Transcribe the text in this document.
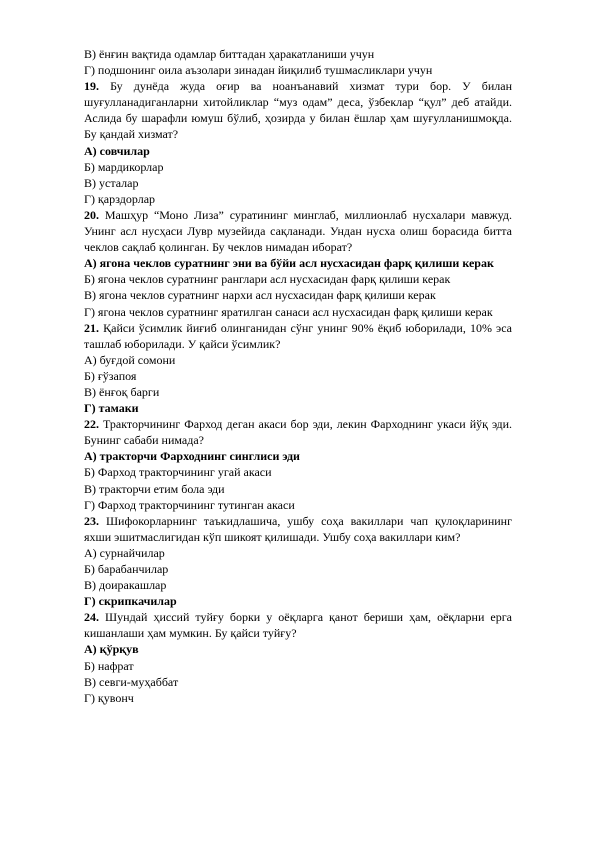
В) ёнғин вақтида одамлар биттадан ҳаракатланиши учун
Г) подшонинг оила аъзолари зинадан йиқилиб тушмасликлари учун
19. Бу дунёда жуда оғир ва ноанъанавий хизмат тури бор. У билан шуғулланадиганларни хитойликлар “муз одам” деса, ўзбеклар “қул” деб атайди. Аслида бу шарафли юмуш бўлиб, ҳозирда у билан ёшлар ҳам шуғулланишмоқда. Бу қандай хизмат?
А) совчилар
Б) мардикорлар
В) усталар
Г) қарздорлар
20. Машҳур “Моно Лиза” суратининг минглаб, миллионлаб нусхалари мавжуд. Унинг асл нусҳаси Лувр музейида сақланади. Ундан нусха олиш борасида битта чеклов сақлаб қолинган. Бу чеклов нимадан иборат?
А) ягона чеклов суратнинг эни ва бўйи асл нусхасидан фарқ қилиши керак
Б) ягона чеклов суратнинг ранглари асл нусхасидан фарқ қилиши керак
В) ягона чеклов суратнинг нархи асл нусхасидан фарқ қилиши керак
Г) ягона чеклов суратнинг яратилган санаси асл нусхасидан фарқ қилиши керак
21. Қайси ўсимлик йиғиб олинганидан сўнг унинг 90% ёқиб юборилади, 10% эса ташлаб юборилади. У қайси ўсимлик?
А) буғдой сомони
Б) ғўзапоя
В) ёнғоқ барги
Г) тамаки
22. Тракторчининг Фарход деган акаси бор эди, лекин Фарходнинг укаси йўқ эди. Бунинг сабаби нимада?
А) тракторчи Фарходнинг синглиси эди
Б) Фарход тракторчининг угай акаси
В) тракторчи етим бола эди
Г) Фарход тракторчининг тутинган акаси
23. Шифокорларнинг таъкидлашича, ушбу соҳа вакиллари чап қулоқларининг яхши эшитмаслигидан кўп шикоят қилишади. Ушбу соҳа вакиллари ким?
А) сурнайчилар
Б) барабанчилар
В) доиракашлар
Г) скрипкачилар
24. Шундай ҳиссий туйғу борки у оёқларга қанот бериши ҳам, оёқларни ерга кишанлаши ҳам мумкин. Бу қайси туйғу?
А) қўрқув
Б) нафрат
В) севги-муҳаббат
Г) қувонч
